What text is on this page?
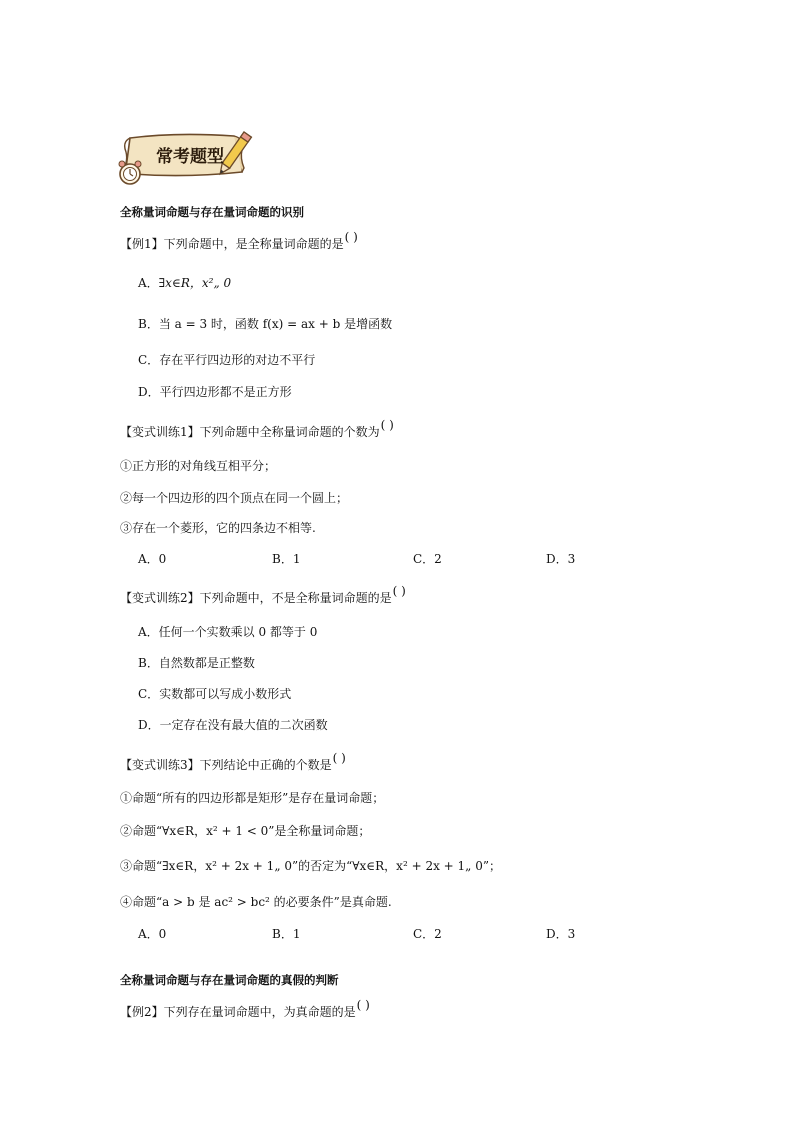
常考题型
全称量词命题与存在量词命题的识别
【例1】下列命题中，是全称量词命题的是( )
A．∃x∈R，x²„ 0
B．当 a = 3 时，函数 f(x) = ax + b 是增函数
C．存在平行四边形的对边不平行
D．平行四边形都不是正方形
【变式训练1】下列命题中全称量词命题的个数为( )
①正方形的对角线互相平分；
②每一个四边形的四个顶点在同一个圆上；
③存在一个菱形，它的四条边不相等.
A．0	B．1	C．2	D．3
【变式训练2】下列命题中，不是全称量词命题的是( )
A．任何一个实数乘以 0 都等于 0
B．自然数都是正整数
C．实数都可以写成小数形式
D．一定存在没有最大值的二次函数
【变式训练3】下列结论中正确的个数是( )
①命题“所有的四边形都是矩形”是存在量词命题；
②命题“∀x∈R，x² + 1 < 0”是全称量词命题；
③命题“∃x∈R，x² + 2x + 1„ 0”的否定为“∀x∈R，x² + 2x + 1„ 0”；
④命题“a > b 是 ac² > bc² 的必要条件”是真命题.
A．0	B．1	C．2	D．3
全称量词命题与存在量词命题的真假的判断
【例2】下列存在量词命题中，为真命题的是( )
